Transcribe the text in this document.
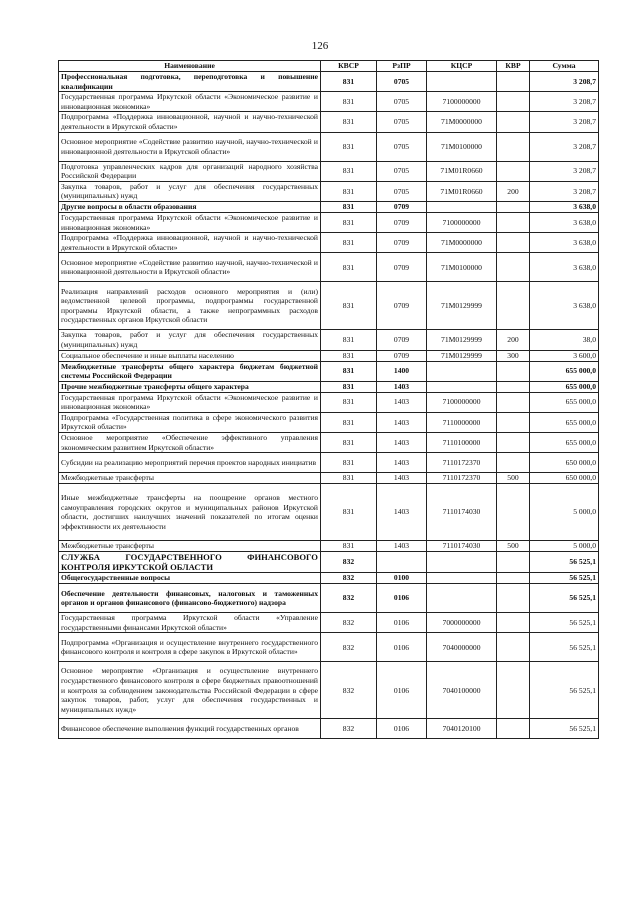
126
Наименование	КВСР	РзПР	КЦСР	КВР	Сумма
Профессиональная подготовка, переподготовка и повышение квалификации	831	0705			3 208,7
Государственная программа Иркутской области «Экономическое развитие и инновационная экономика»	831	0705	7100000000		3 208,7
Подпрограмма «Поддержка инновационной, научной и научно-технической деятельности в Иркутской области»	831	0705	71М0000000		3 208,7
Основное мероприятие «Содействие развитию научной, научно-технической и инновационной деятельности в Иркутской области»	831	0705	71М0100000		3 208,7
Подготовка управленческих кадров для организаций народного хозяйства Российской Федерации	831	0705	71М01R0660		3 208,7
Закупка товаров, работ и услуг для обеспечения государственных (муниципальных) нужд	831	0705	71М01R0660	200	3 208,7
Другие вопросы в области образования	831	0709			3 638,0
Государственная программа Иркутской области «Экономическое развитие и инновационная экономика»	831	0709	7100000000		3 638,0
Подпрограмма «Поддержка инновационной, научной и научно-технической деятельности в Иркутской области»	831	0709	71М0000000		3 638,0
Основное мероприятие «Содействие развитию научной, научно-технической и инновационной деятельности в Иркутской области»	831	0709	71М0100000		3 638,0
Реализация направлений расходов основного мероприятия и (или) ведомственной целевой программы, подпрограммы государственной программы Иркутской области, а также непрограммных расходов государственных органов Иркутской области	831	0709	71М0129999		3 638,0
Закупка товаров, работ и услуг для обеспечения государственных (муниципальных) нужд	831	0709	71М0129999	200	38,0
Социальное обеспечение и иные выплаты населению	831	0709	71М0129999	300	3 600,0
Межбюджетные трансферты общего характера бюджетам бюджетной системы Российской Федерации	831	1400			655 000,0
Прочие межбюджетные трансферты общего характера	831	1403			655 000,0
Государственная программа Иркутской области «Экономическое развитие и инновационная экономика»	831	1403	7100000000		655 000,0
Подпрограмма «Государственная политика в сфере экономического развития Иркутской области»	831	1403	7110000000		655 000,0
Основное мероприятие «Обеспечение эффективного управления экономическим развитием Иркутской области»	831	1403	7110100000		655 000,0
Субсидии на реализацию мероприятий перечня проектов народных инициатив	831	1403	7110172370		650 000,0
Межбюджетные трансферты	831	1403	7110172370	500	650 000,0
Иные межбюджетные трансферты на поощрение органов местного самоуправления городских округов и муниципальных районов Иркутской области, достигших наилучших значений показателей по итогам оценки эффективности их деятельности	831	1403	7110174030		5 000,0
Межбюджетные трансферты	831	1403	7110174030	500	5 000,0
СЛУЖБА ГОСУДАРСТВЕННОГО ФИНАНСОВОГО КОНТРОЛЯ ИРКУТСКОЙ ОБЛАСТИ	832				56 525,1
Общегосударственные вопросы	832	0100			56 525,1
Обеспечение деятельности финансовых, налоговых и таможенных органов и органов финансового (финансово-бюджетного) надзора	832	0106			56 525,1
Государственная программа Иркутской области «Управление государственными финансами Иркутской области»	832	0106	7000000000		56 525,1
Подпрограмма «Организация и осуществление внутреннего государственного финансового контроля и контроля в сфере закупок в Иркутской области»	832	0106	7040000000		56 525,1
Основное мероприятие «Организация и осуществление внутреннего государственного финансового контроля в сфере бюджетных правоотношений и контроля за соблюдением законодательства Российской Федерации в сфере закупок товаров, работ, услуг для обеспечения государственных и муниципальных нужд»	832	0106	7040100000		56 525,1
Финансовое обеспечение выполнения функций государственных органов	832	0106	7040120100		56 525,1
